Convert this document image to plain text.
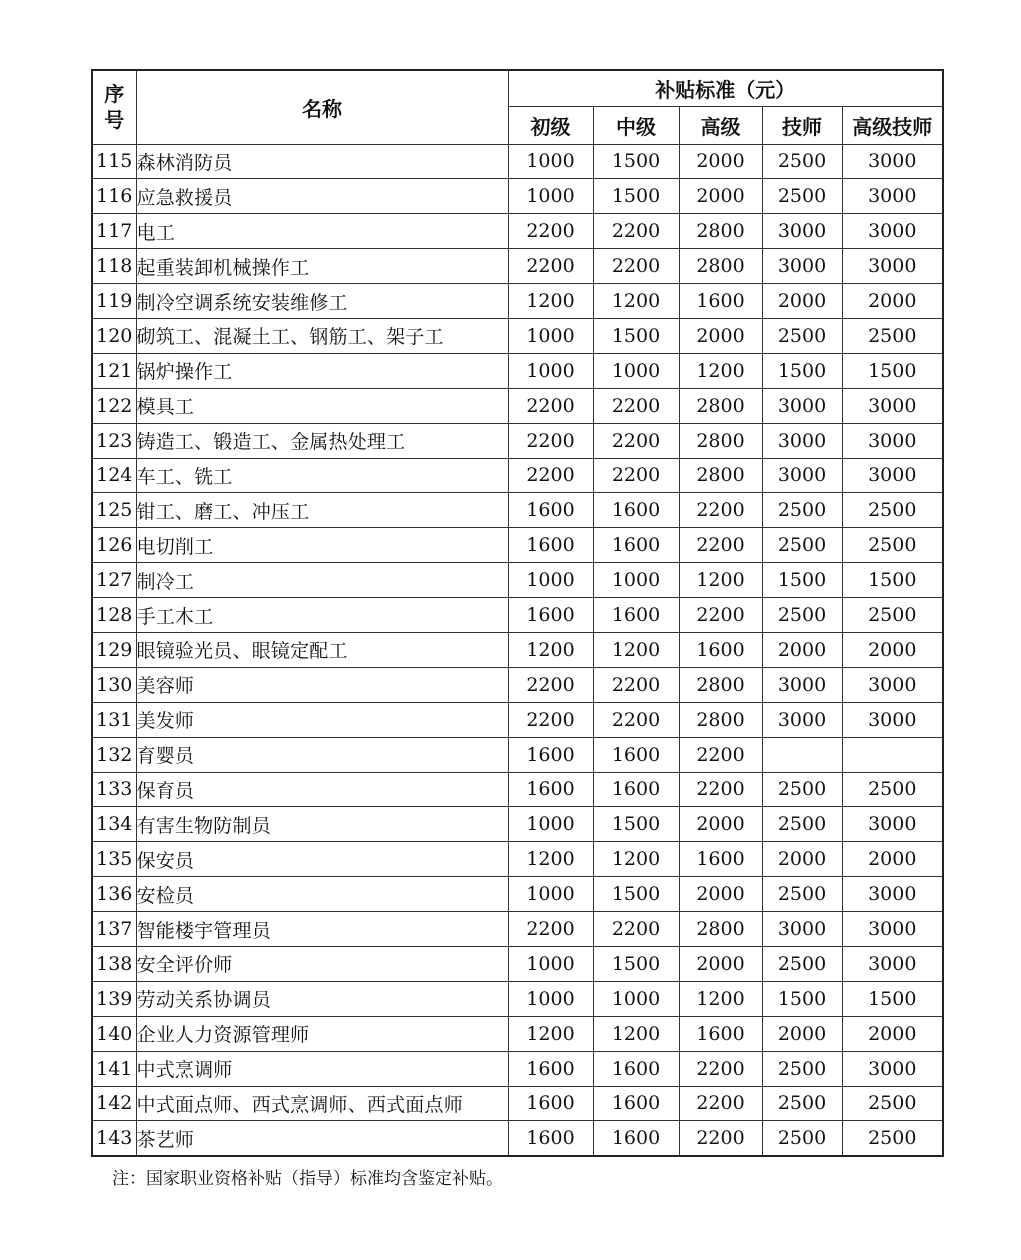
序
号	名称	补贴标准（元）				
		初级	中级	高级	技师	高级技师
115	森林消防员	1000	1500	2000	2500	3000
116	应急救援员	1000	1500	2000	2500	3000
117	电工	2200	2200	2800	3000	3000
118	起重装卸机械操作工	2200	2200	2800	3000	3000
119	制冷空调系统安装维修工	1200	1200	1600	2000	2000
120	砌筑工、混凝土工、钢筋工、架子工	1000	1500	2000	2500	2500
121	锅炉操作工	1000	1000	1200	1500	1500
122	模具工	2200	2200	2800	3000	3000
123	铸造工、锻造工、金属热处理工	2200	2200	2800	3000	3000
124	车工、铣工	2200	2200	2800	3000	3000
125	钳工、磨工、冲压工	1600	1600	2200	2500	2500
126	电切削工	1600	1600	2200	2500	2500
127	制冷工	1000	1000	1200	1500	1500
128	手工木工	1600	1600	2200	2500	2500
129	眼镜验光员、眼镜定配工	1200	1200	1600	2000	2000
130	美容师	2200	2200	2800	3000	3000
131	美发师	2200	2200	2800	3000	3000
132	育婴员	1600	1600	2200		
133	保育员	1600	1600	2200	2500	2500
134	有害生物防制员	1000	1500	2000	2500	3000
135	保安员	1200	1200	1600	2000	2000
136	安检员	1000	1500	2000	2500	3000
137	智能楼宇管理员	2200	2200	2800	3000	3000
138	安全评价师	1000	1500	2000	2500	3000
139	劳动关系协调员	1000	1000	1200	1500	1500
140	企业人力资源管理师	1200	1200	1600	2000	2000
141	中式烹调师	1600	1600	2200	2500	3000
142	中式面点师、西式烹调师、西式面点师	1600	1600	2200	2500	2500
143	茶艺师	1600	1600	2200	2500	2500
注：国家职业资格补贴（指导）标准均含鉴定补贴。
